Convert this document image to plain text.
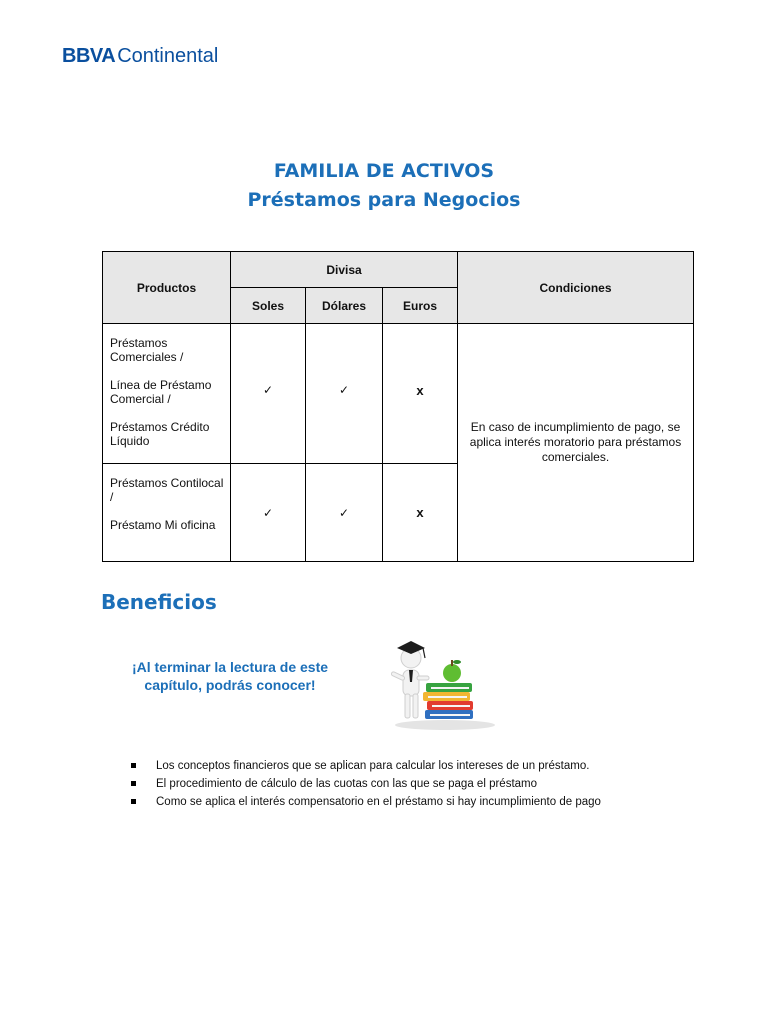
BBVA Continental
FAMILIA DE ACTIVOS
Préstamos para Negocios
Productos	Divisa			Condiciones
	Soles	Dólares	Euros	

Préstamos Comerciales /

Línea de Préstamo Comercial /

Préstamos Crédito Líquido	✓	✓	x	En caso de incumplimiento de pago, se aplica interés moratorio para préstamos comerciales.

Préstamos Contilocal /

Préstamo Mi oficina	✓	✓	x	
Beneficios
¡Al terminar la lectura de este capítulo, podrás conocer!
Los conceptos financieros que se aplican para calcular los intereses de un préstamo.
El procedimiento de cálculo de las cuotas con las que se paga el préstamo
Como se aplica el interés compensatorio en el préstamo si hay incumplimiento de pago
